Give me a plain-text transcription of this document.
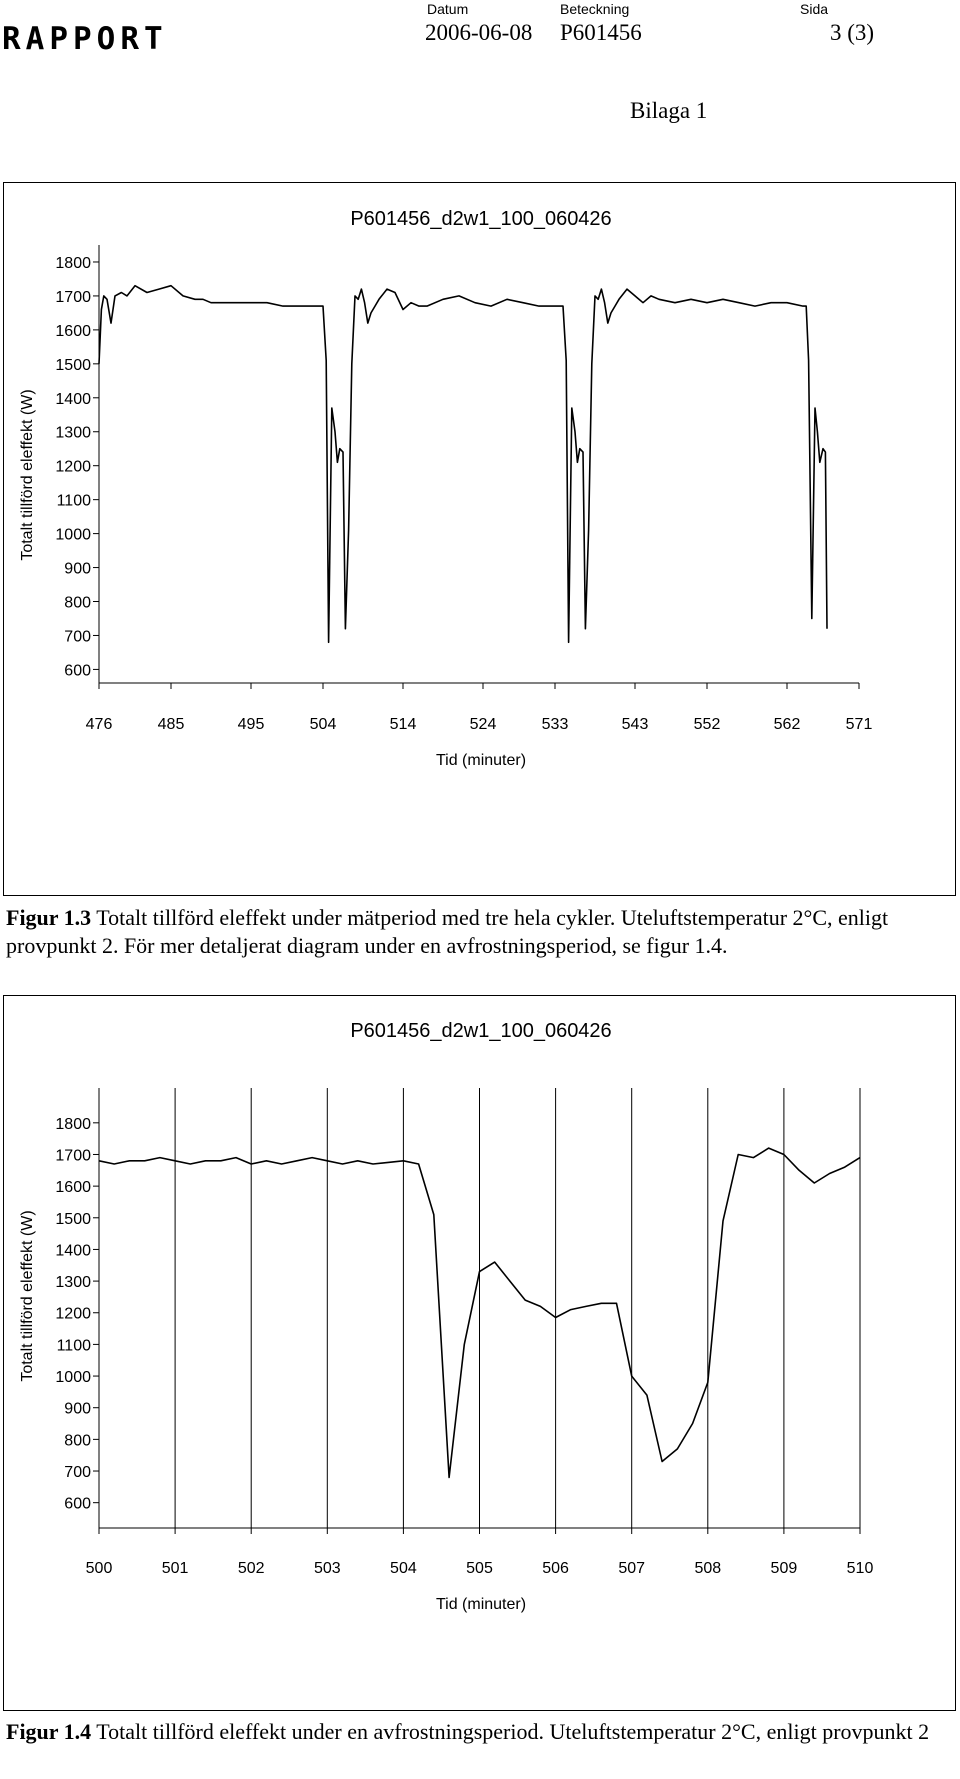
RAPPORT
Datum
2006-06-08
Beteckning
P601456
Sida
3 (3)
Bilaga 1
P601456_d2w1_100_060426
476	485	495	504	514	524	533	543	552	562	571
600
700
800
900
1000
1100
1200
1300
1400
1500
1600
1700
1800
Tid (minuter)
Totalt tillförd eleffekt (W)
Figur 1.3 Totalt tillförd eleffekt under mätperiod med tre hela cykler. Uteluftstemperatur 2°C, enligt provpunkt 2. För mer detaljerat diagram under en avfrostningsperiod, se figur 1.4.
P601456_d2w1_100_060426
500	501	502	503	504	505	506	507	508	509	510
600
700
800
900
1000
1100
1200
1300
1400
1500
1600
1700
1800
Tid (minuter)
Totalt tillförd eleffekt (W)
Figur 1.4 Totalt tillförd eleffekt under en avfrostningsperiod. Uteluftstemperatur 2°C, enligt provpunkt 2
